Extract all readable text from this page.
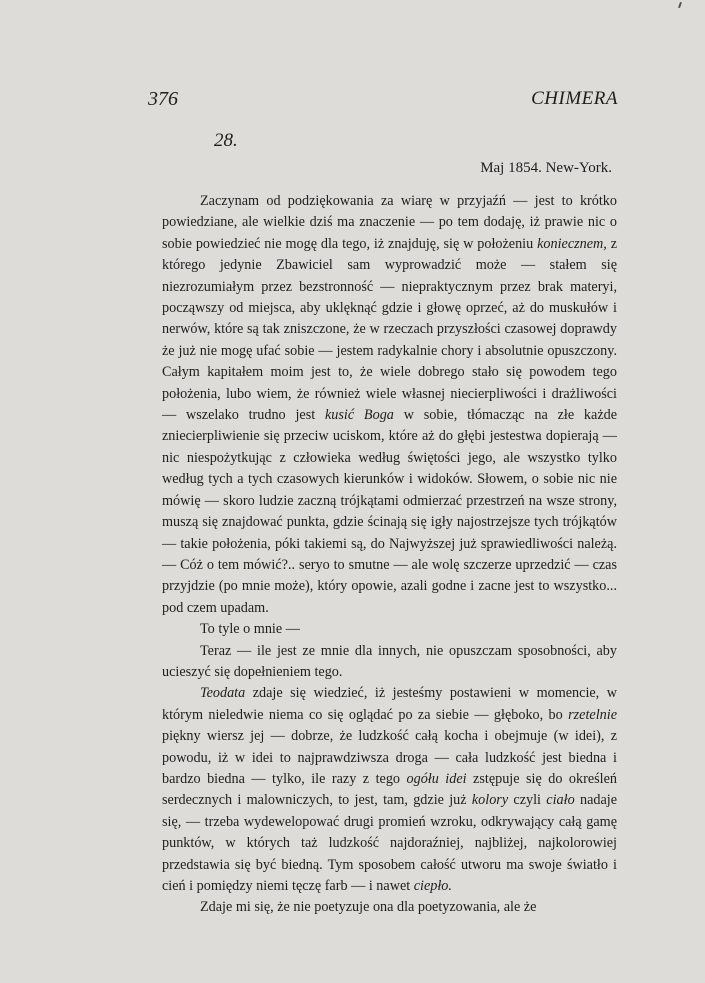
376	CHIMERA
28.
Maj 1854. New-York.

Zaczynam od podziękowania za wiarę w przyjaźń — jest to krótko powiedziane, ale wielkie dziś ma znaczenie — po tem dodaję, iż prawie nic o sobie powiedzieć nie mogę dla tego, iż znajduję, się w położeniu koniecznem, z którego jedynie Zbawiciel sam wyprowadzić może — stałem się niezrozumiałym przez bezstronność — niepraktycznym przez brak materyi, począwszy od miejsca, aby uklęknąć gdzie i głowę oprzeć, aż do muskułów i nerwów, które są tak zniszczone, że w rzeczach przyszłości czasowej doprawdy że już nie mogę ufać sobie — jestem radykalnie chory i absolutnie opuszczony. Całym kapitałem moim jest to, że wiele dobrego stało się powodem tego położenia, lubo wiem, że również wiele własnej niecierpliwości i drażliwości — wszelako trudno jest kusić Boga w sobie, tłómacząc na złe każde zniecierpliwienie się przeciw uciskom, które aż do głębi jestestwa dopierają — nic niespożytkując z człowieka według świętości jego, ale wszystko tylko według tych a tych czasowych kierunków i widoków. Słowem, o sobie nic nie mówię — skoro ludzie zaczną trójkątami odmierzać przestrzeń na wsze strony, muszą się znajdować punkta, gdzie ścinają się igły najostrzejsze tych trójkątów — takie położenia, póki takiemi są, do Najwyższej już sprawiedliwości należą. — Cóż o tem mówić?.. seryo to smutne — ale wolę szczerze uprzedzić — czas przyjdzie (po mnie może), który opowie, azali godne i zacne jest to wszystko... pod czem upadam.

To tyle o mnie —

Teraz — ile jest ze mnie dla innych, nie opuszczam sposobności, aby ucieszyć się dopełnieniem tego.

Teodata zdaje się wiedzieć, iż jesteśmy postawieni w momencie, w którym nieledwie niema co się oglądać po za siebie — głęboko, bo rzetelnie piękny wiersz jej — dobrze, że ludzkość całą kocha i obejmuje (w idei), z powodu, iż w idei to najprawdziwsza droga — cała ludzkość jest biedna i bardzo biedna — tylko, ile razy z tego ogółu idei zstępuje się do określeń serdecznych i malowniczych, to jest, tam, gdzie już kolory czyli ciało nadaje się, — trzeba wydewelopować drugi promień wzroku, odkrywający całą gamę punktów, w których taż ludzkość najdoraźniej, najbliżej, najkolorowiej przedstawia się być biedną. Tym sposobem całość utworu ma swoje światło i cień i pomiędzy niemi tęczę farb — i nawet ciepło.

Zdaje mi się, że nie poetyzuje ona dla poetyzowania, ale że
